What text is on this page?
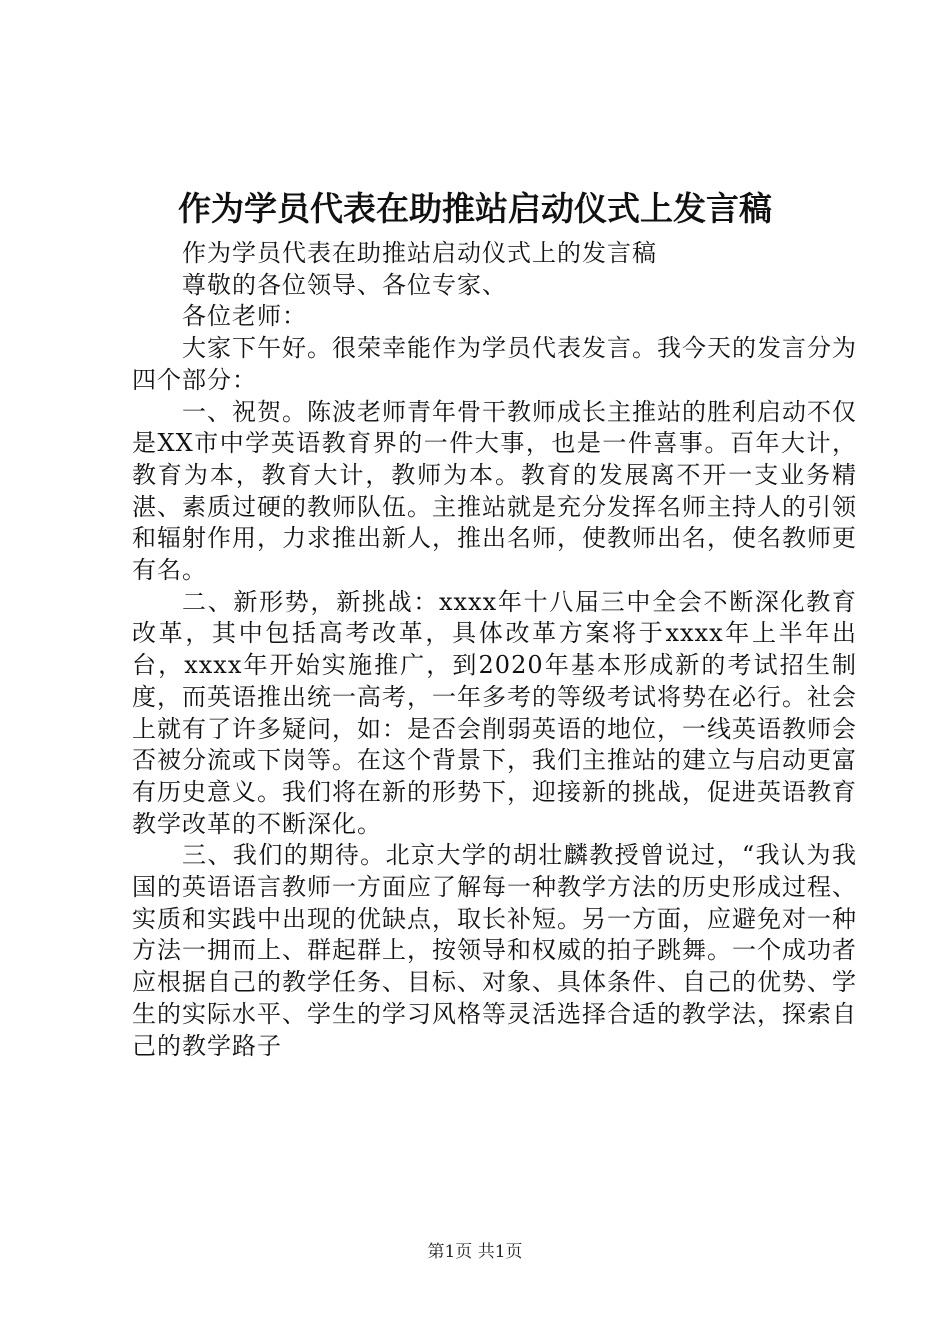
作为学员代表在助推站启动仪式上发言稿

作为学员代表在助推站启动仪式上的发言稿

尊敬的各位领导、各位专家、

各位老师：

大家下午好。很荣幸能作为学员代表发言。我今天的发言分为四个部分：

一、祝贺。陈波老师青年骨干教师成长主推站的胜利启动不仅是XX市中学英语教育界的一件大事，也是一件喜事。百年大计，教育为本，教育大计，教师为本。教育的发展离不开一支业务精湛、素质过硬的教师队伍。主推站就是充分发挥名师主持人的引领和辐射作用，力求推出新人，推出名师，使教师出名，使名教师更有名。

二、新形势，新挑战：xxxx年十八届三中全会不断深化教育改革，其中包括高考改革，具体改革方案将于xxxx年上半年出台，xxxx年开始实施推广，到2020年基本形成新的考试招生制度，而英语推出统一高考，一年多考的等级考试将势在必行。社会上就有了许多疑问，如：是否会削弱英语的地位，一线英语教师会否被分流或下岗等。在这个背景下，我们主推站的建立与启动更富有历史意义。我们将在新的形势下，迎接新的挑战，促进英语教育教学改革的不断深化。

三、我们的期待。北京大学的胡壮麟教授曾说过，“我认为我国的英语语言教师一方面应了解每一种教学方法的历史形成过程、实质和实践中出现的优缺点，取长补短。另一方面，应避免对一种方法一拥而上、群起群上，按领导和权威的拍子跳舞。一个成功者应根据自己的教学任务、目标、对象、具体条件、自己的优势、学生的实际水平、学生的学习风格等灵活选择合适的教学法，探索自己的教学路子

第1页 共1页
